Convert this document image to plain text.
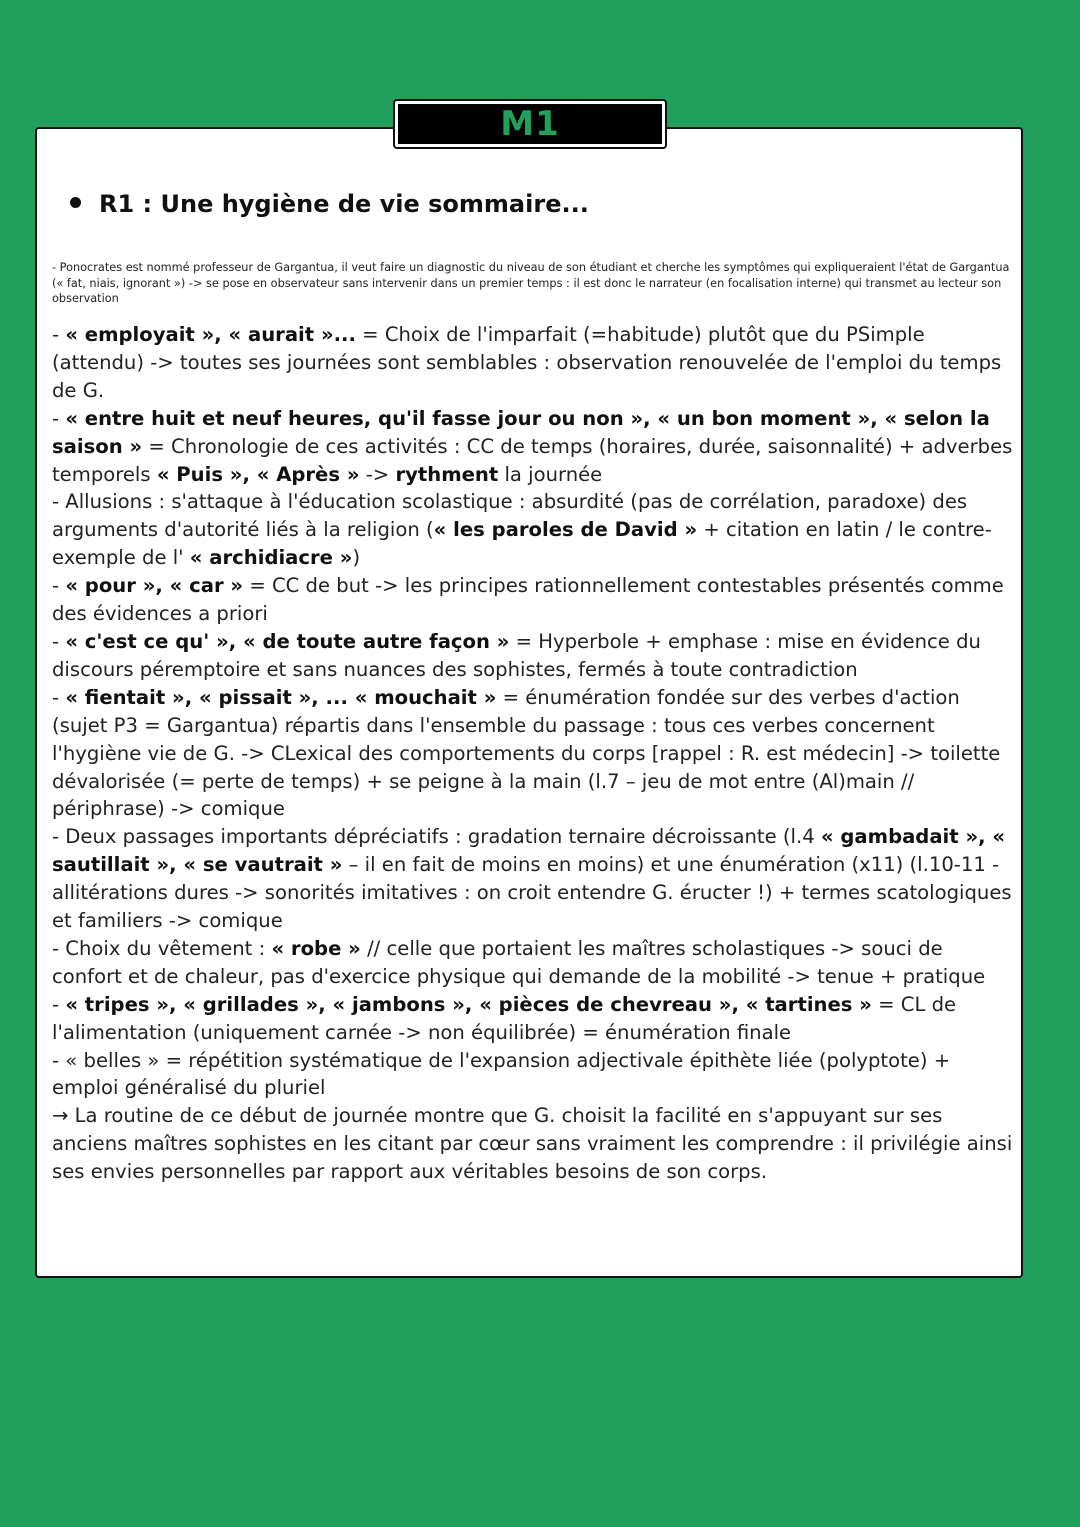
M1
R1 : Une hygiène de vie sommaire...
- Ponocrates est nommé professeur de Gargantua, il veut faire un diagnostic du niveau de son étudiant et cherche les symptômes qui expliqueraient l'état de Gargantua (« fat, niais, ignorant ») -> se pose en observateur sans intervenir dans un premier temps : il est donc le narrateur (en focalisation interne) qui transmet au lecteur son observation

- « employait », « aurait »... = Choix de l'imparfait (=habitude) plutôt que du PSimple (attendu) -> toutes ses journées sont semblables : observation renouvelée de l'emploi du temps de G.

- « entre huit et neuf heures, qu'il fasse jour ou non », « un bon moment », « selon la saison » = Chronologie de ces activités : CC de temps (horaires, durée, saisonnalité) + adverbes temporels « Puis », « Après » -> rythment la journée

- Allusions : s'attaque à l'éducation scolastique : absurdité (pas de corrélation, paradoxe) des arguments d'autorité liés à la religion (« les paroles de David » + citation en latin / le contre-exemple de l' « archidiacre »)

- « pour », « car » = CC de but -> les principes rationnellement contestables présentés comme des évidences a priori

- « c'est ce qu' », « de toute autre façon » = Hyperbole + emphase : mise en évidence du discours péremptoire et sans nuances des sophistes, fermés à toute contradiction

- « fientait », « pissait », ... « mouchait » = énumération fondée sur des verbes d'action (sujet P3 = Gargantua) répartis dans l'ensemble du passage : tous ces verbes concernent l'hygiène vie de G. -> CLexical des comportements du corps [rappel : R. est médecin] -> toilette dévalorisée (= perte de temps) + se peigne à la main (l.7 – jeu de mot entre (Al)main // périphrase) -> comique

- Deux passages importants dépréciatifs : gradation ternaire décroissante (l.4 « gambadait », « sautillait », « se vautrait » – il en fait de moins en moins) et une énumération (x11) (l.10-11 - allitérations dures -> sonorités imitatives : on croit entendre G. éructer !) + termes scatologiques et familiers -> comique

- Choix du vêtement : « robe » // celle que portaient les maîtres scholastiques -> souci de confort et de chaleur, pas d'exercice physique qui demande de la mobilité -> tenue + pratique

- « tripes », « grillades », « jambons », « pièces de chevreau », « tartines » = CL de l'alimentation (uniquement carnée -> non équilibrée) = énumération finale

- « belles » = répétition systématique de l'expansion adjectivale épithète liée (polyptote) + emploi généralisé du pluriel

→ La routine de ce début de journée montre que G. choisit la facilité en s'appuyant sur ses anciens maîtres sophistes en les citant par cœur sans vraiment les comprendre : il privilégie ainsi ses envies personnelles par rapport aux véritables besoins de son corps.
